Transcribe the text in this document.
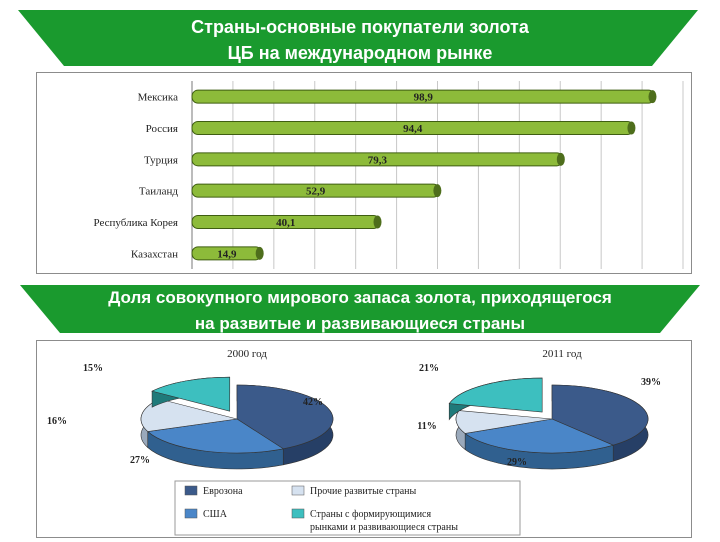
Страны-основные покупатели золота
ЦБ на международном рынке
98,9
Мексика
94,4
Россия
79,3
Турция
52,9
Таиланд
40,1
Республика Корея
14,9
Казахстан
Доля совокупного мирового запаса золота, приходящегося
на развитые и развивающиеся страны
2000 год
42%
27%
16%
15%
2011 год
39%
29%
11%
21%
Еврозона	Прочие развитые страны
США	Страны с формирующимися
рынками и развивающиеся страны
